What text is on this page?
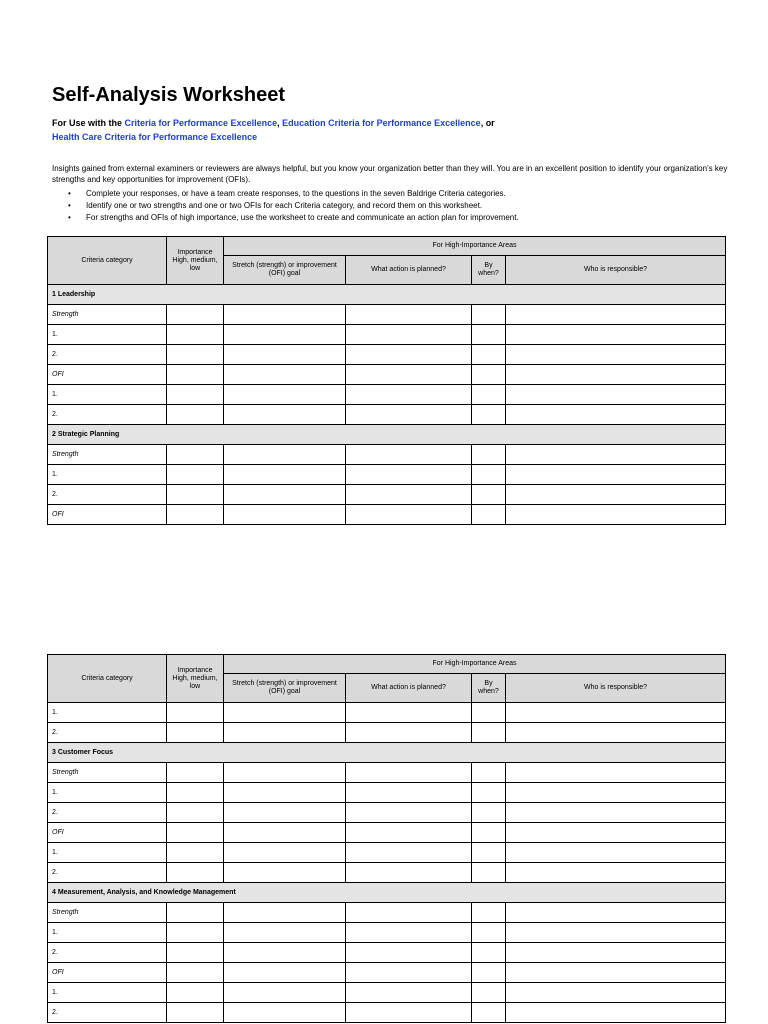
Self-Analysis Worksheet
For Use with the Criteria for Performance Excellence, Education Criteria for Performance Excellence, or
Health Care Criteria for Performance Excellence

Insights gained from external examiners or reviewers are always helpful, but you know your organization better than they will. You are in an excellent position to identify your organization’s key strengths and key opportunities for improvement (OFIs).

• Complete your responses, or have a team create responses, to the questions in the seven Baldrige Criteria categories.
• Identify one or two strengths and one or two OFIs for each Criteria category, and record them on this worksheet.
• For strengths and OFIs of high importance, use the worksheet to create and communicate an action plan for improvement.
Criteria category	Importance High, medium, low	For High-Importance Areas			
		Stretch (strength) or improvement (OFI) goal	What action is planned?	By when?	Who is responsible?
1 Leadership					
Strength					
1.					
2.					
OFI					
1.					
2.					
2 Strategic Planning					
Strength					
1.					
2.					
OFI					
Criteria category	Importance High, medium, low	For High-Importance Areas			
		Stretch (strength) or improvement (OFI) goal	What action is planned?	By when?	Who is responsible?
1.					
2.					
3 Customer Focus					
Strength					
1.					
2.					
OFI					
1.					
2.					
4 Measurement, Analysis, and Knowledge Management					
Strength					
1.					
2.					
OFI					
1.					
2.					
